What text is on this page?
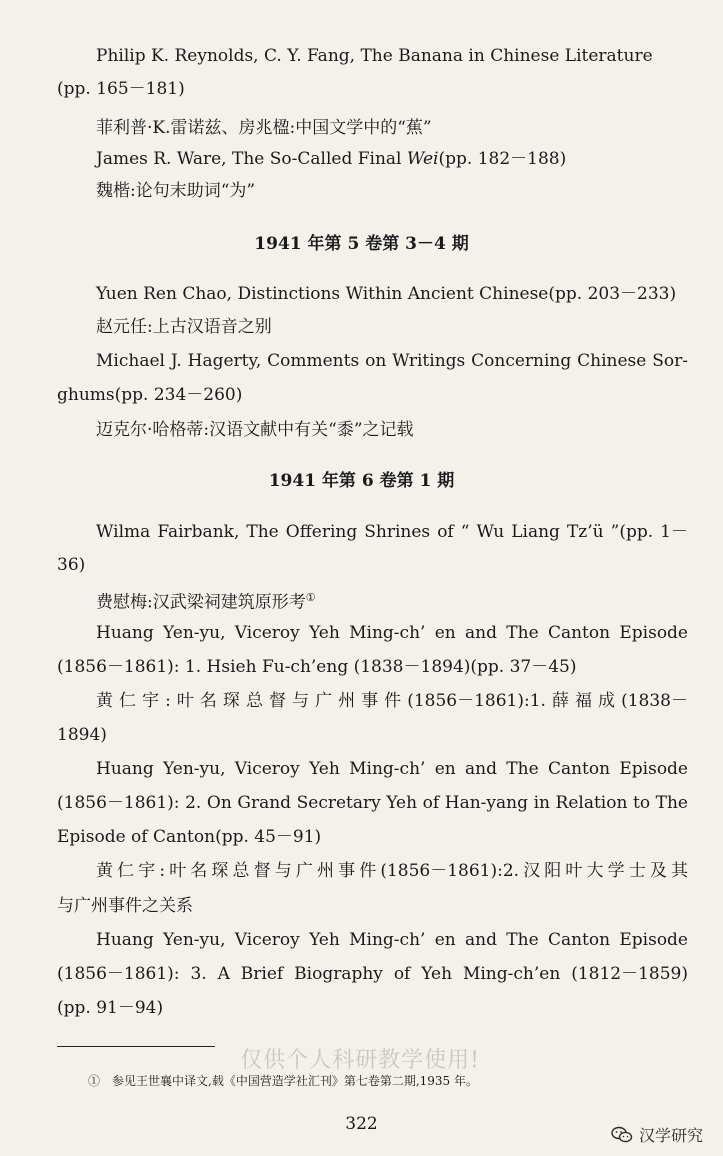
Philip K. Reynolds, C. Y. Fang, The Banana in Chinese Literature
(pp. 165－181)
菲利普·K.雷诺兹、房兆楹:中国文学中的“蕉”
James R. Ware, The So-Called Final Wei(pp. 182－188)
魏楷:论句末助词“为”
1941 年第 5 卷第 3－4 期
Yuen Ren Chao, Distinctions Within Ancient Chinese(pp. 203－233)
赵元任:上古汉语音之别
Michael J. Hagerty, Comments on Writings Concerning Chinese Sor-
ghums(pp. 234－260)
迈克尔·哈格蒂:汉语文献中有关“黍”之记载
1941 年第 6 卷第 1 期
Wilma Fairbank, The Offering Shrines of “ Wu Liang Tz’ü ”(pp. 1－
36)
费慰梅:汉武梁祠建筑原形考①
Huang Yen-yu, Viceroy Yeh Ming-ch’ en and The Canton Episode
(1856－1861): 1. Hsieh Fu-ch’eng (1838－1894)(pp. 37－45)
黄仁宇:叶名琛总督与广州事件(1856－1861):1.薛福成(1838－
1894)
Huang Yen-yu, Viceroy Yeh Ming-ch’ en and The Canton Episode
(1856－1861): 2. On Grand Secretary Yeh of Han-yang in Relation to The
Episode of Canton(pp. 45－91)
黄仁宇:叶名琛总督与广州事件(1856－1861):2.汉阳叶大学士及其
与广州事件之关系
Huang Yen-yu, Viceroy Yeh Ming-ch’ en and The Canton Episode
(1856－1861): 3. A Brief Biography of Yeh Ming-ch’en (1812－1859)
(pp. 91－94)
仅供个人科研教学使用!
①　参见王世襄中译文,载《中国营造学社汇刊》第七卷第二期,1935 年。
322
汉学研究
